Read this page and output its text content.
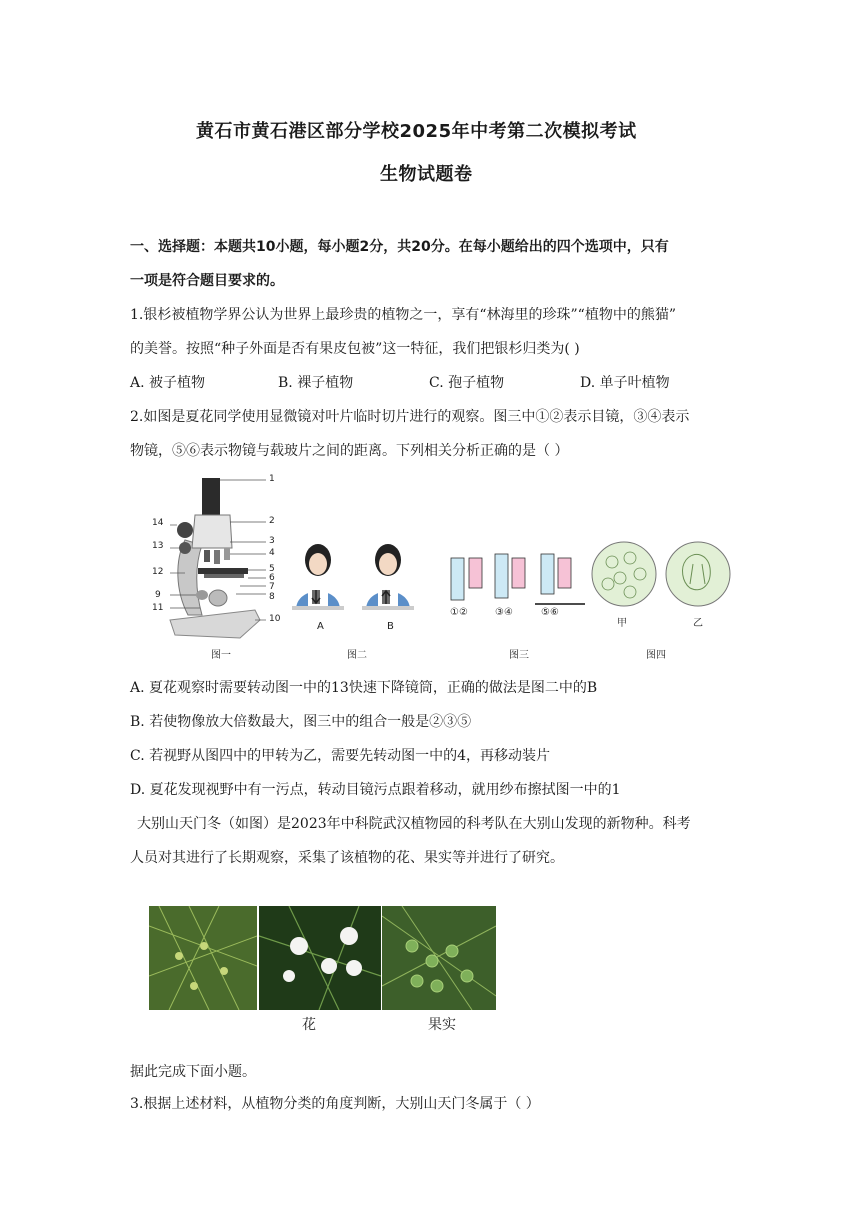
黄石市黄石港区部分学校2025年中考第二次模拟考试
生物试题卷
一、选择题：本题共10小题，每小题2分，共20分。在每小题给出的四个选项中，只有
一项是符合题目要求的。
1.银杉被植物学界公认为世界上最珍贵的植物之一，享有“林海里的珍珠”“植物中的熊猫”
的美誉。按照“种子外面是否有果皮包被”这一特征，我们把银杉归类为( )
A. 被子植物	B. 裸子植物	C. 孢子植物	D. 单子叶植物
2.如图是夏花同学使用显微镜对叶片临时切片进行的观察。图三中①②表示目镜，③④表示
物镜，⑤⑥表示物镜与载玻片之间的距离。下列相关分析正确的是（ ）
1
2
3
4
5
6
7
8
10
14
13
12
9
11
图一
A	B
图二
①②	③④	⑤⑥
图三
甲	乙
图四
A. 夏花观察时需要转动图一中的13快速下降镜筒，正确的做法是图二中的B
B. 若使物像放大倍数最大，图三中的组合一般是②③⑤
C. 若视野从图四中的甲转为乙，需要先转动图一中的4，再移动装片
D. 夏花发现视野中有一污点，转动目镜污点跟着移动，就用纱布擦拭图一中的1
大别山天门冬（如图）是2023年中科院武汉植物园的科考队在大别山发现的新物种。科考
人员对其进行了长期观察，采集了该植物的花、果实等并进行了研究。
花	果实
据此完成下面小题。
3.根据上述材料，从植物分类的角度判断，大别山天门冬属于（ ）
